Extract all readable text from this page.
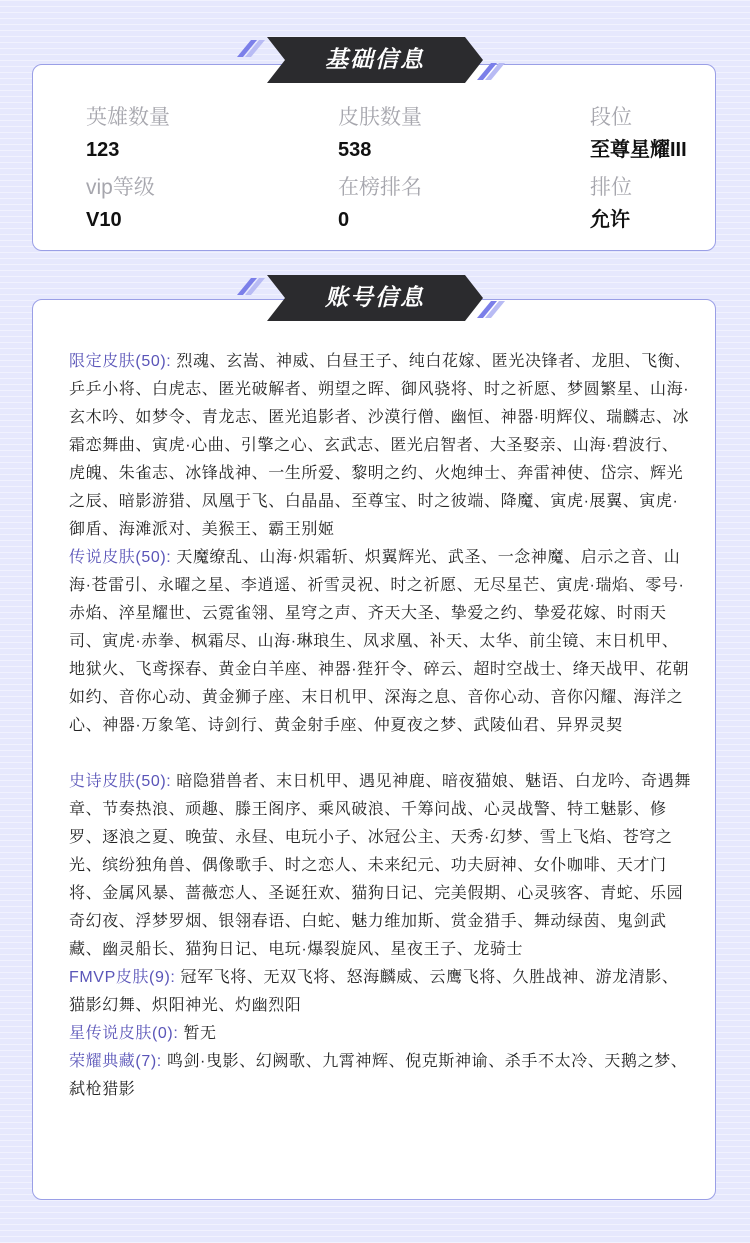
英雄数量
123
皮肤数量
538
段位
至尊星耀III
vip等级
V10
在榜排名
0
排位
允许
基础信息

限定皮肤(50): 烈魂、玄嵩、神威、白昼王子、纯白花嫁、匿光决锋者、龙胆、飞衡、乒乒小将、白虎志、匿光破解者、朔望之晖、御风骁将、时之祈愿、梦圆繁星、山海·玄木吟、如梦令、青龙志、匿光追影者、沙漠行僧、幽恒、神器·明辉仪、瑞麟志、冰霜恋舞曲、寅虎·心曲、引擎之心、玄武志、匿光启智者、大圣娶亲、山海·碧波行、虎魄、朱雀志、冰锋战神、一生所爱、黎明之约、火炮绅士、奔雷神使、岱宗、辉光之辰、暗影游猎、凤凰于飞、白晶晶、至尊宝、时之彼端、降魔、寅虎·展翼、寅虎·御盾、海滩派对、美猴王、霸王别姬

传说皮肤(50): 天魔缭乱、山海·炽霜斩、炽翼辉光、武圣、一念神魔、启示之音、山海·苍雷引、永曜之星、李逍遥、祈雪灵祝、时之祈愿、无尽星芒、寅虎·瑞焰、零号·赤焰、淬星耀世、云霓雀翎、星穹之声、齐天大圣、挚爱之约、挚爱花嫁、时雨天司、寅虎·赤拳、枫霜尽、山海·琳琅生、凤求凰、补天、太华、前尘镜、末日机甲、地狱火、飞鸢探春、黄金白羊座、神器·狴犴令、碎云、超时空战士、绛天战甲、花朝如约、音你心动、黄金狮子座、末日机甲、深海之息、音你心动、音你闪耀、海洋之心、神器·万象笔、诗剑行、黄金射手座、仲夏夜之梦、武陵仙君、异界灵契

史诗皮肤(50): 暗隐猎兽者、末日机甲、遇见神鹿、暗夜猫娘、魅语、白龙吟、奇遇舞章、节奏热浪、顽趣、滕王阁序、乘风破浪、千筹问战、心灵战警、特工魅影、修罗、逐浪之夏、晚萤、永昼、电玩小子、冰冠公主、天秀·幻梦、雪上飞焰、苍穹之光、缤纷独角兽、偶像歌手、时之恋人、未来纪元、功夫厨神、女仆咖啡、天才门将、金属风暴、蔷薇恋人、圣诞狂欢、猫狗日记、完美假期、心灵骇客、青蛇、乐园奇幻夜、浮梦罗烟、银翎春语、白蛇、魅力维加斯、赏金猎手、舞动绿茵、鬼剑武藏、幽灵船长、猫狗日记、电玩·爆裂旋风、星夜王子、龙骑士

FMVP皮肤(9): 冠军飞将、无双飞将、怒海麟威、云鹰飞将、久胜战神、游龙清影、猫影幻舞、炽阳神光、灼幽烈阳

星传说皮肤(0): 暂无

荣耀典藏(7): 鸣剑·曳影、幻阙歌、九霄神辉、倪克斯神谕、杀手不太冷、天鹅之梦、弑枪猎影

账号信息
